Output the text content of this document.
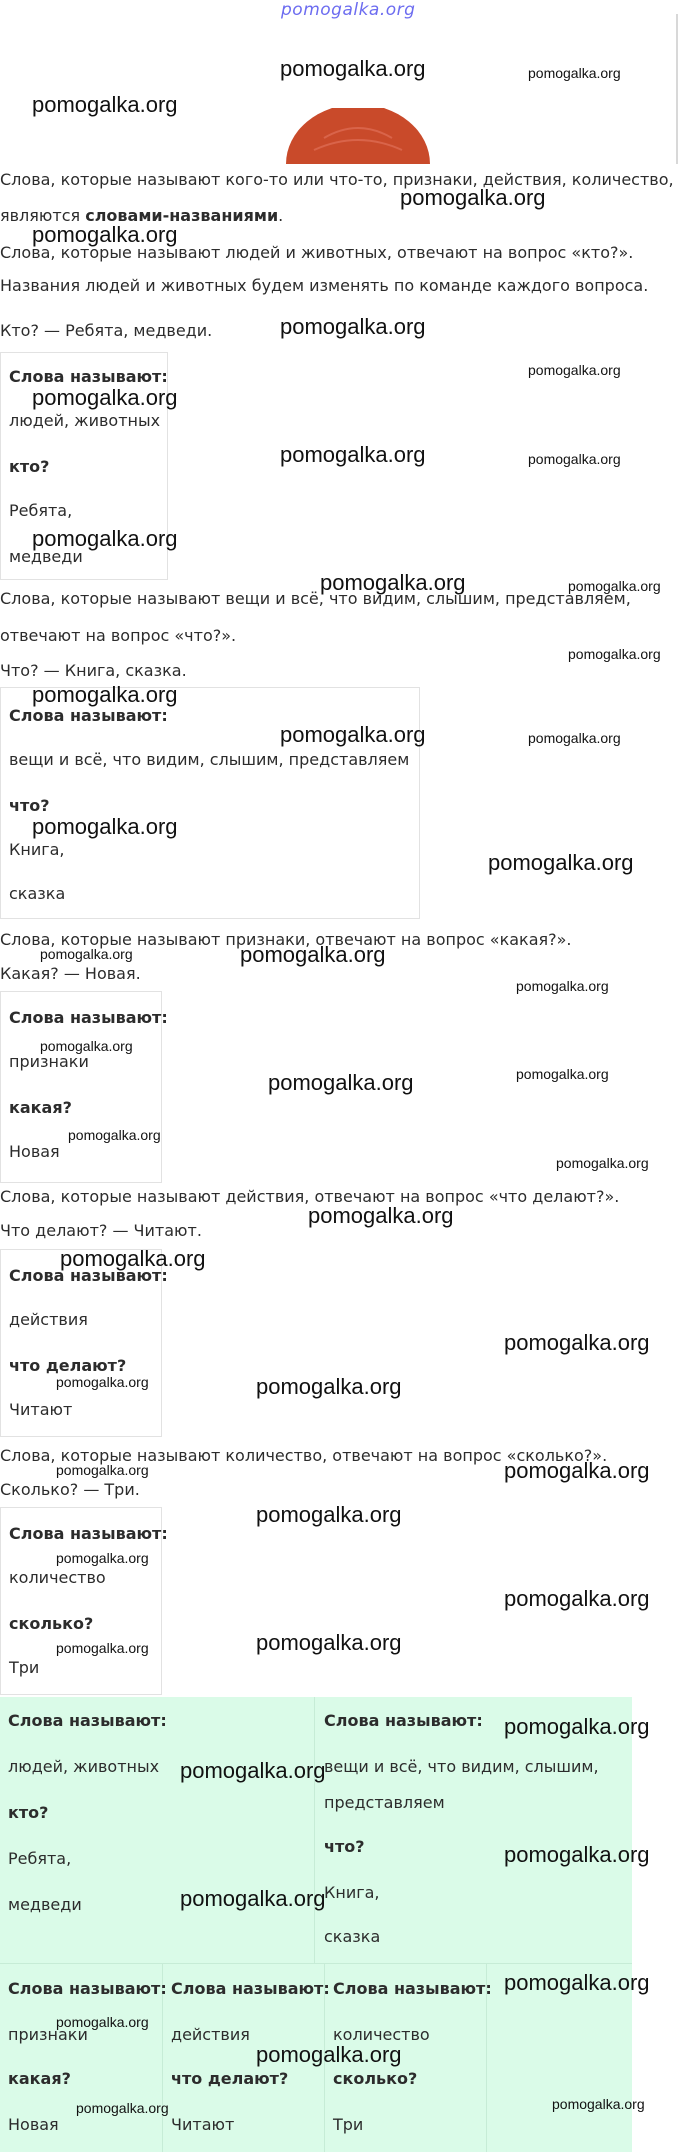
pomogalka.org
Слова, которые называют кого-то или что-то, признаки, действия, количество,
являются словами-названиями.
Слова, которые называют людей и животных, отвечают на вопрос «кто?».
Названия людей и животных будем изменять по команде каждого вопроса.
Кто? — Ребята, медведи.
Слова называют:
людей, животных
кто?
Ребята,
медведи
Слова, которые называют вещи и всё, что видим, слышим, представляем,
отвечают на вопрос «что?».
Что? — Книга, сказка.
Слова называют:
вещи и всё, что видим, слышим, представляем
что?
Книга,
сказка
Слова, которые называют признаки, отвечают на вопрос «какая?».
Какая? — Новая.
Слова называют:
признаки
какая?
Новая
Слова, которые называют действия, отвечают на вопрос «что делают?».
Что делают? — Читают.
Слова называют:
действия
что делают?
Читают
Слова, которые называют количество, отвечают на вопрос «сколько?».
Сколько? — Три.
Слова называют:
количество
сколько?
Три
Слова называют:
людей, животных
кто?
Ребята,
медведи
Слова называют:
вещи и всё, что видим, слышим,
представляем
что?
Книга,
сказка
Слова называют:
признаки
какая?
Новая
Слова называют:
действия
что делают?
Читают
Слова называют:
количество
сколько?
Три
pomogalka.org	pomogalka.org
pomogalka.org
pomogalka.org
pomogalka.org
pomogalka.org
pomogalka.org
pomogalka.org
pomogalka.org	pomogalka.org
pomogalka.org
pomogalka.org	pomogalka.org
pomogalka.org
pomogalka.org
pomogalka.org	pomogalka.org
pomogalka.org
pomogalka.org
pomogalka.org	pomogalka.org
pomogalka.org
pomogalka.org
pomogalka.org	pomogalka.org
pomogalka.org
pomogalka.org
pomogalka.org
pomogalka.org
pomogalka.org
pomogalka.org	pomogalka.org
pomogalka.org	pomogalka.org
pomogalka.org
pomogalka.org
pomogalka.org
pomogalka.org
pomogalka.org
pomogalka.org
pomogalka.org
pomogalka.org
pomogalka.org
pomogalka.org
pomogalka.org
pomogalka.org
pomogalka.org	pomogalka.org
